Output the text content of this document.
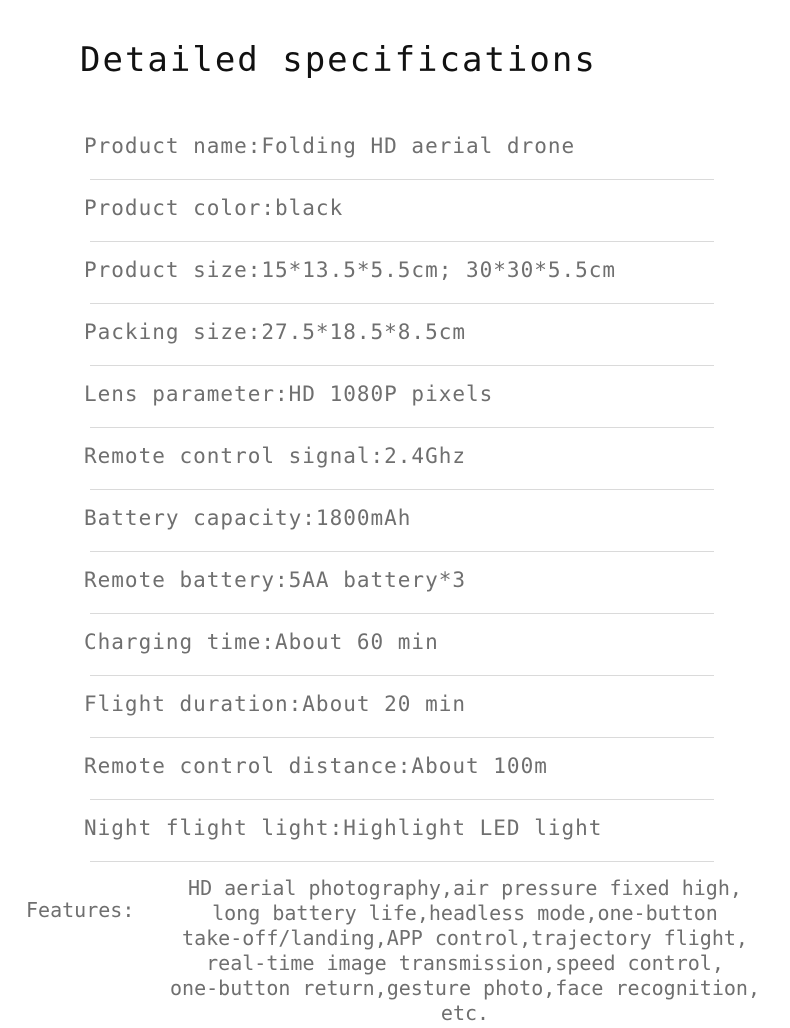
Detailed specifications
Product name:Folding HD aerial drone
Product color:black
Product size:15*13.5*5.5cm; 30*30*5.5cm
Packing size:27.5*18.5*8.5cm
Lens parameter:HD 1080P pixels
Remote control signal:2.4Ghz
Battery capacity:1800mAh
Remote battery:5AA battery*3
Charging time:About 60 min
Flight duration:About 20 min
Remote control distance:About 100m
Night flight light:Highlight LED light
Features:
HD aerial photography,air pressure fixed high,
long battery life,headless mode,one-button
take-off/landing,APP control,trajectory flight,
real-time image transmission,speed control,
one-button return,gesture photo,face recognition,
etc.
